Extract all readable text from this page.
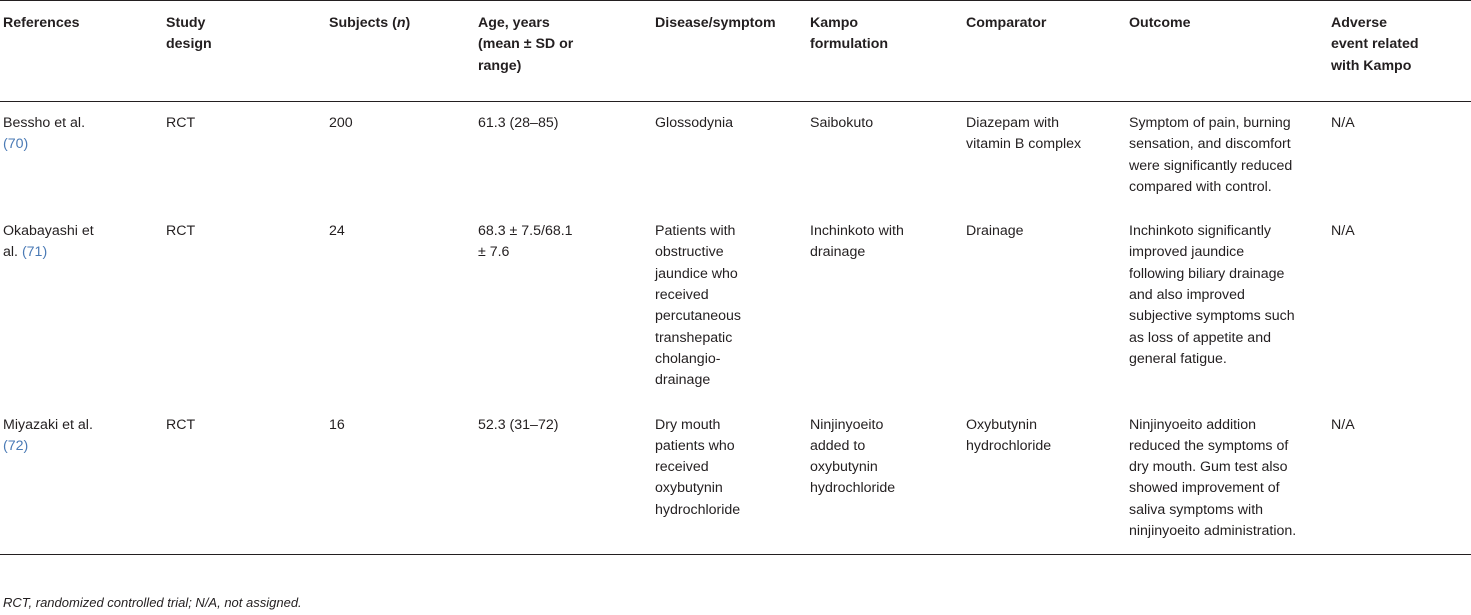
References	Study design	Subjects (n)	Age, years (mean ± SD or range)	Disease/symptom	Kampo formulation	Comparator	Outcome	Adverse event related with Kampo

Bessho et al. (70)	RCT	200	61.3 (28–85)	Glossodynia	Saibokuto	Diazepam with vitamin B complex	Symptom of pain, burning sensation, and discomfort were significantly reduced compared with control.	N/A

Okabayashi et al. (71)	RCT	24	68.3 ± 7.5/68.1 ± 7.6	Patients with obstructive jaundice who received percutaneous transhepatic cholangio-drainage	Inchinkoto with drainage	Drainage	Inchinkoto significantly improved jaundice following biliary drainage and also improved subjective symptoms such as loss of appetite and general fatigue.	N/A

Miyazaki et al. (72)	RCT	16	52.3 (31–72)	Dry mouth patients who received oxybutynin hydrochloride	Ninjinyoeito added to oxybutynin hydrochloride	Oxybutynin hydrochloride	Ninjinyoeito addition reduced the symptoms of dry mouth. Gum test also showed improvement of saliva symptoms with ninjinyoeito administration.	N/A
RCT, randomized controlled trial; N/A, not assigned.
